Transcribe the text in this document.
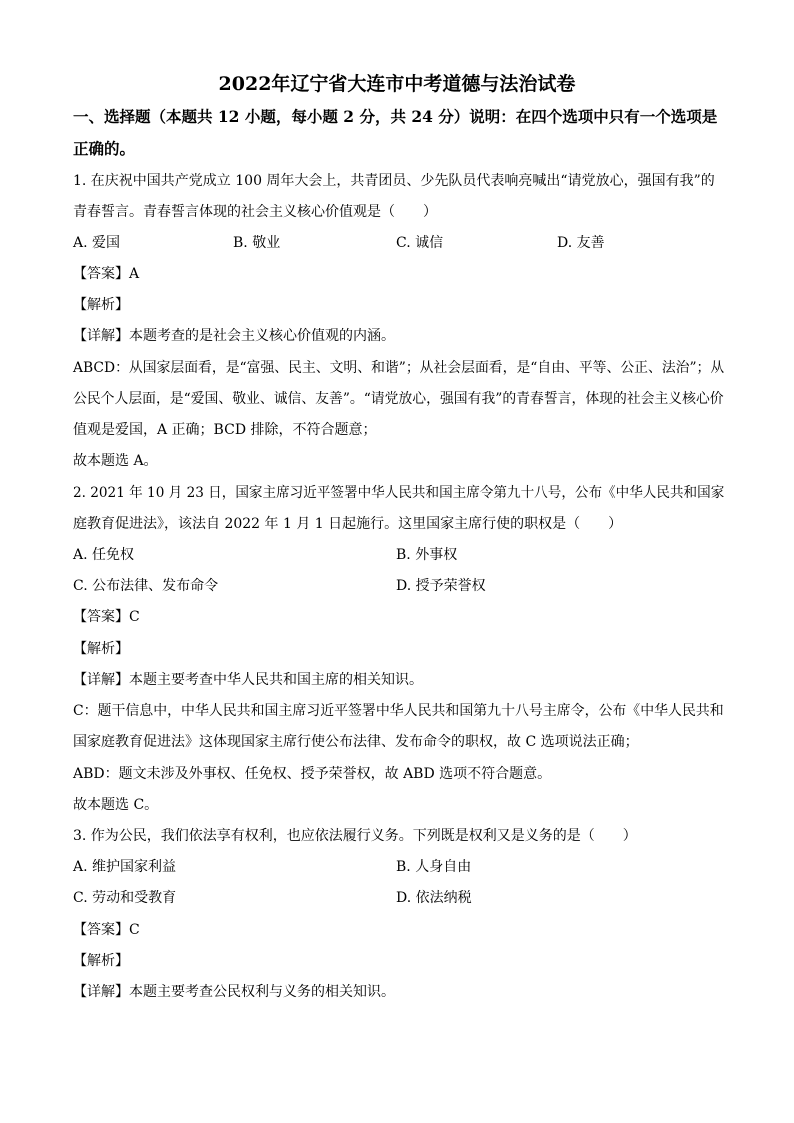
2022年辽宁省大连市中考道德与法治试卷
一、选择题（本题共 12 小题，每小题 2 分，共 24 分）说明：在四个选项中只有一个选项是
正确的。
1. 在庆祝中国共产党成立 100 周年大会上，共青团员、少先队员代表响亮喊出“请党放心，强国有我”的
青春誓言。青春誓言体现的社会主义核心价值观是（　　）
A. 爱国	B. 敬业	C. 诚信	D. 友善
【答案】A
【解析】
【详解】本题考查的是社会主义核心价值观的内涵。
ABCD：从国家层面看，是“富强、民主、文明、和谐”；从社会层面看，是“自由、平等、公正、法治”；从
公民个人层面，是“爱国、敬业、诚信、友善”。“请党放心，强国有我”的青春誓言，体现的社会主义核心价
值观是爱国，A 正确；BCD 排除，不符合题意；
故本题选 A。
2. 2021 年 10 月 23 日，国家主席习近平签署中华人民共和国主席令第九十八号，公布《中华人民共和国家
庭教育促进法》，该法自 2022 年 1 月 1 日起施行。这里国家主席行使的职权是（　　）
A. 任免权	B. 外事权
C. 公布法律、发布命令	D. 授予荣誉权
【答案】C
【解析】
【详解】本题主要考查中华人民共和国主席的相关知识。
C：题干信息中，中华人民共和国主席习近平签署中华人民共和国第九十八号主席令，公布《中华人民共和
国家庭教育促进法》这体现国家主席行使公布法律、发布命令的职权，故 C 选项说法正确；
ABD：题文未涉及外事权、任免权、授予荣誉权，故 ABD 选项不符合题意。
故本题选 C。
3. 作为公民，我们依法享有权利，也应依法履行义务。下列既是权利又是义务的是（　　）
A. 维护国家利益	B. 人身自由
C. 劳动和受教育	D. 依法纳税
【答案】C
【解析】
【详解】本题主要考查公民权利与义务的相关知识。
